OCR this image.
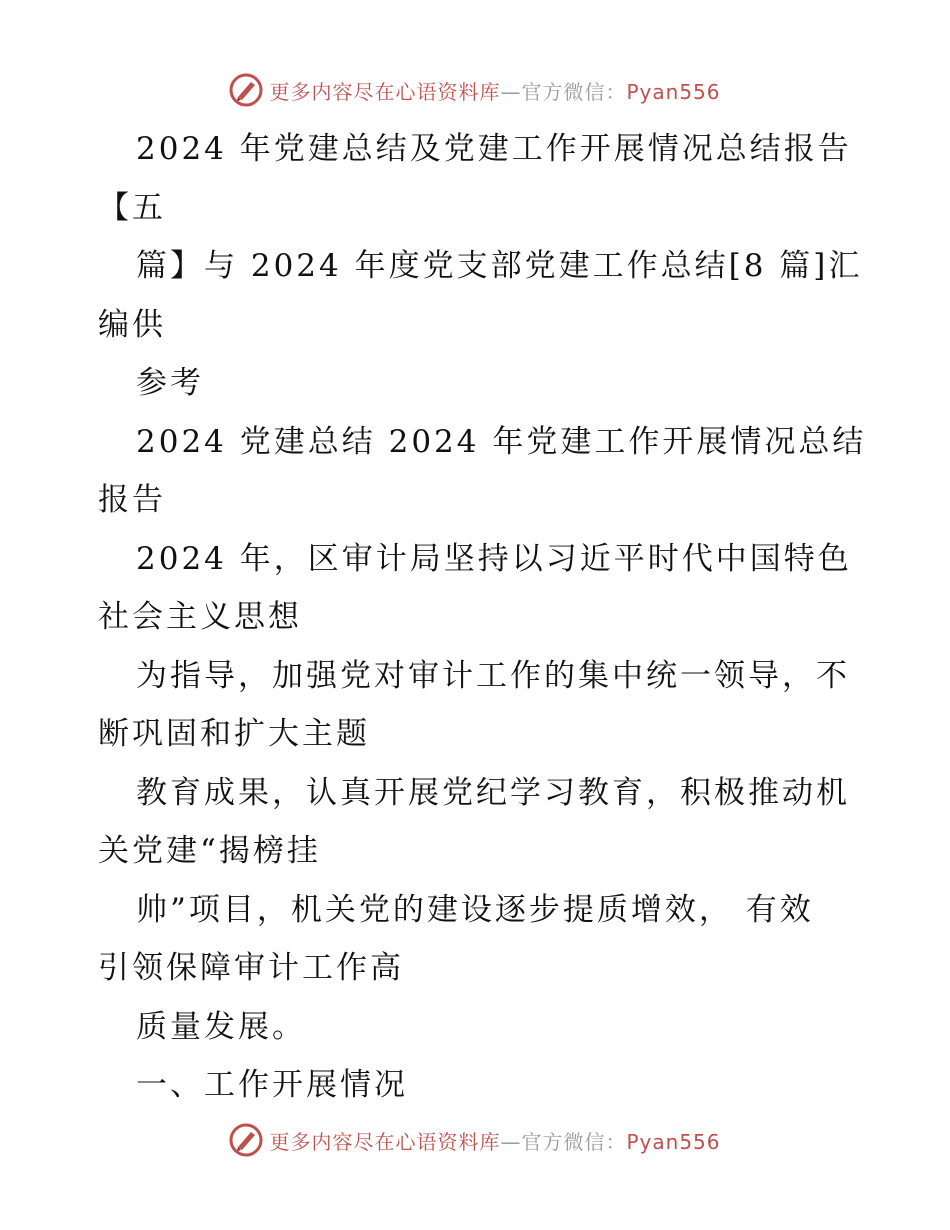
更多内容尽在心语资料库—官方微信：Pyan556
2024 年党建总结及党建工作开展情况总结报告
【五
篇】与 2024 年度党支部党建工作总结[8 篇]汇
编供
参考
2024 党建总结 2024 年党建工作开展情况总结
报告
2024 年，区审计局坚持以习近平时代中国特色
社会主义思想
为指导，加强党对审计工作的集中统一领导，不
断巩固和扩大主题
教育成果，认真开展党纪学习教育，积极推动机
关党建“揭榜挂
帅”项目，机关党的建设逐步提质增效， 有效
引领保障审计工作高
质量发展。
一、工作开展情况
更多内容尽在心语资料库—官方微信：Pyan556
